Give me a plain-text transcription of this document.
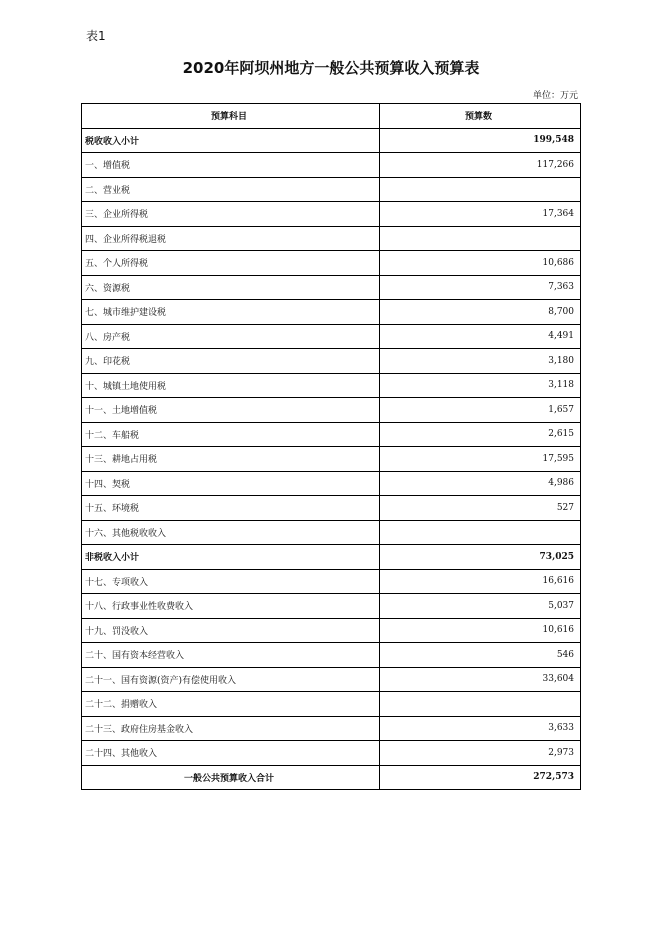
表1
2020年阿坝州地方一般公共预算收入预算表
单位：万元
预算科目	预算数
税收收入小计	199,548
一、增值税	117,266
二、营业税	
三、企业所得税	17,364
四、企业所得税退税	
五、个人所得税	10,686
六、资源税	7,363
七、城市维护建设税	8,700
八、房产税	4,491
九、印花税	3,180
十、城镇土地使用税	3,118
十一、土地增值税	1,657
十二、车船税	2,615
十三、耕地占用税	17,595
十四、契税	4,986
十五、环境税	527
十六、其他税收收入	
非税收入小计	73,025
十七、专项收入	16,616
十八、行政事业性收费收入	5,037
十九、罚没收入	10,616
二十、国有资本经营收入	546
二十一、国有资源(资产)有偿使用收入	33,604
二十二、捐赠收入	
二十三、政府住房基金收入	3,633
二十四、其他收入	2,973
一般公共预算收入合计	272,573
